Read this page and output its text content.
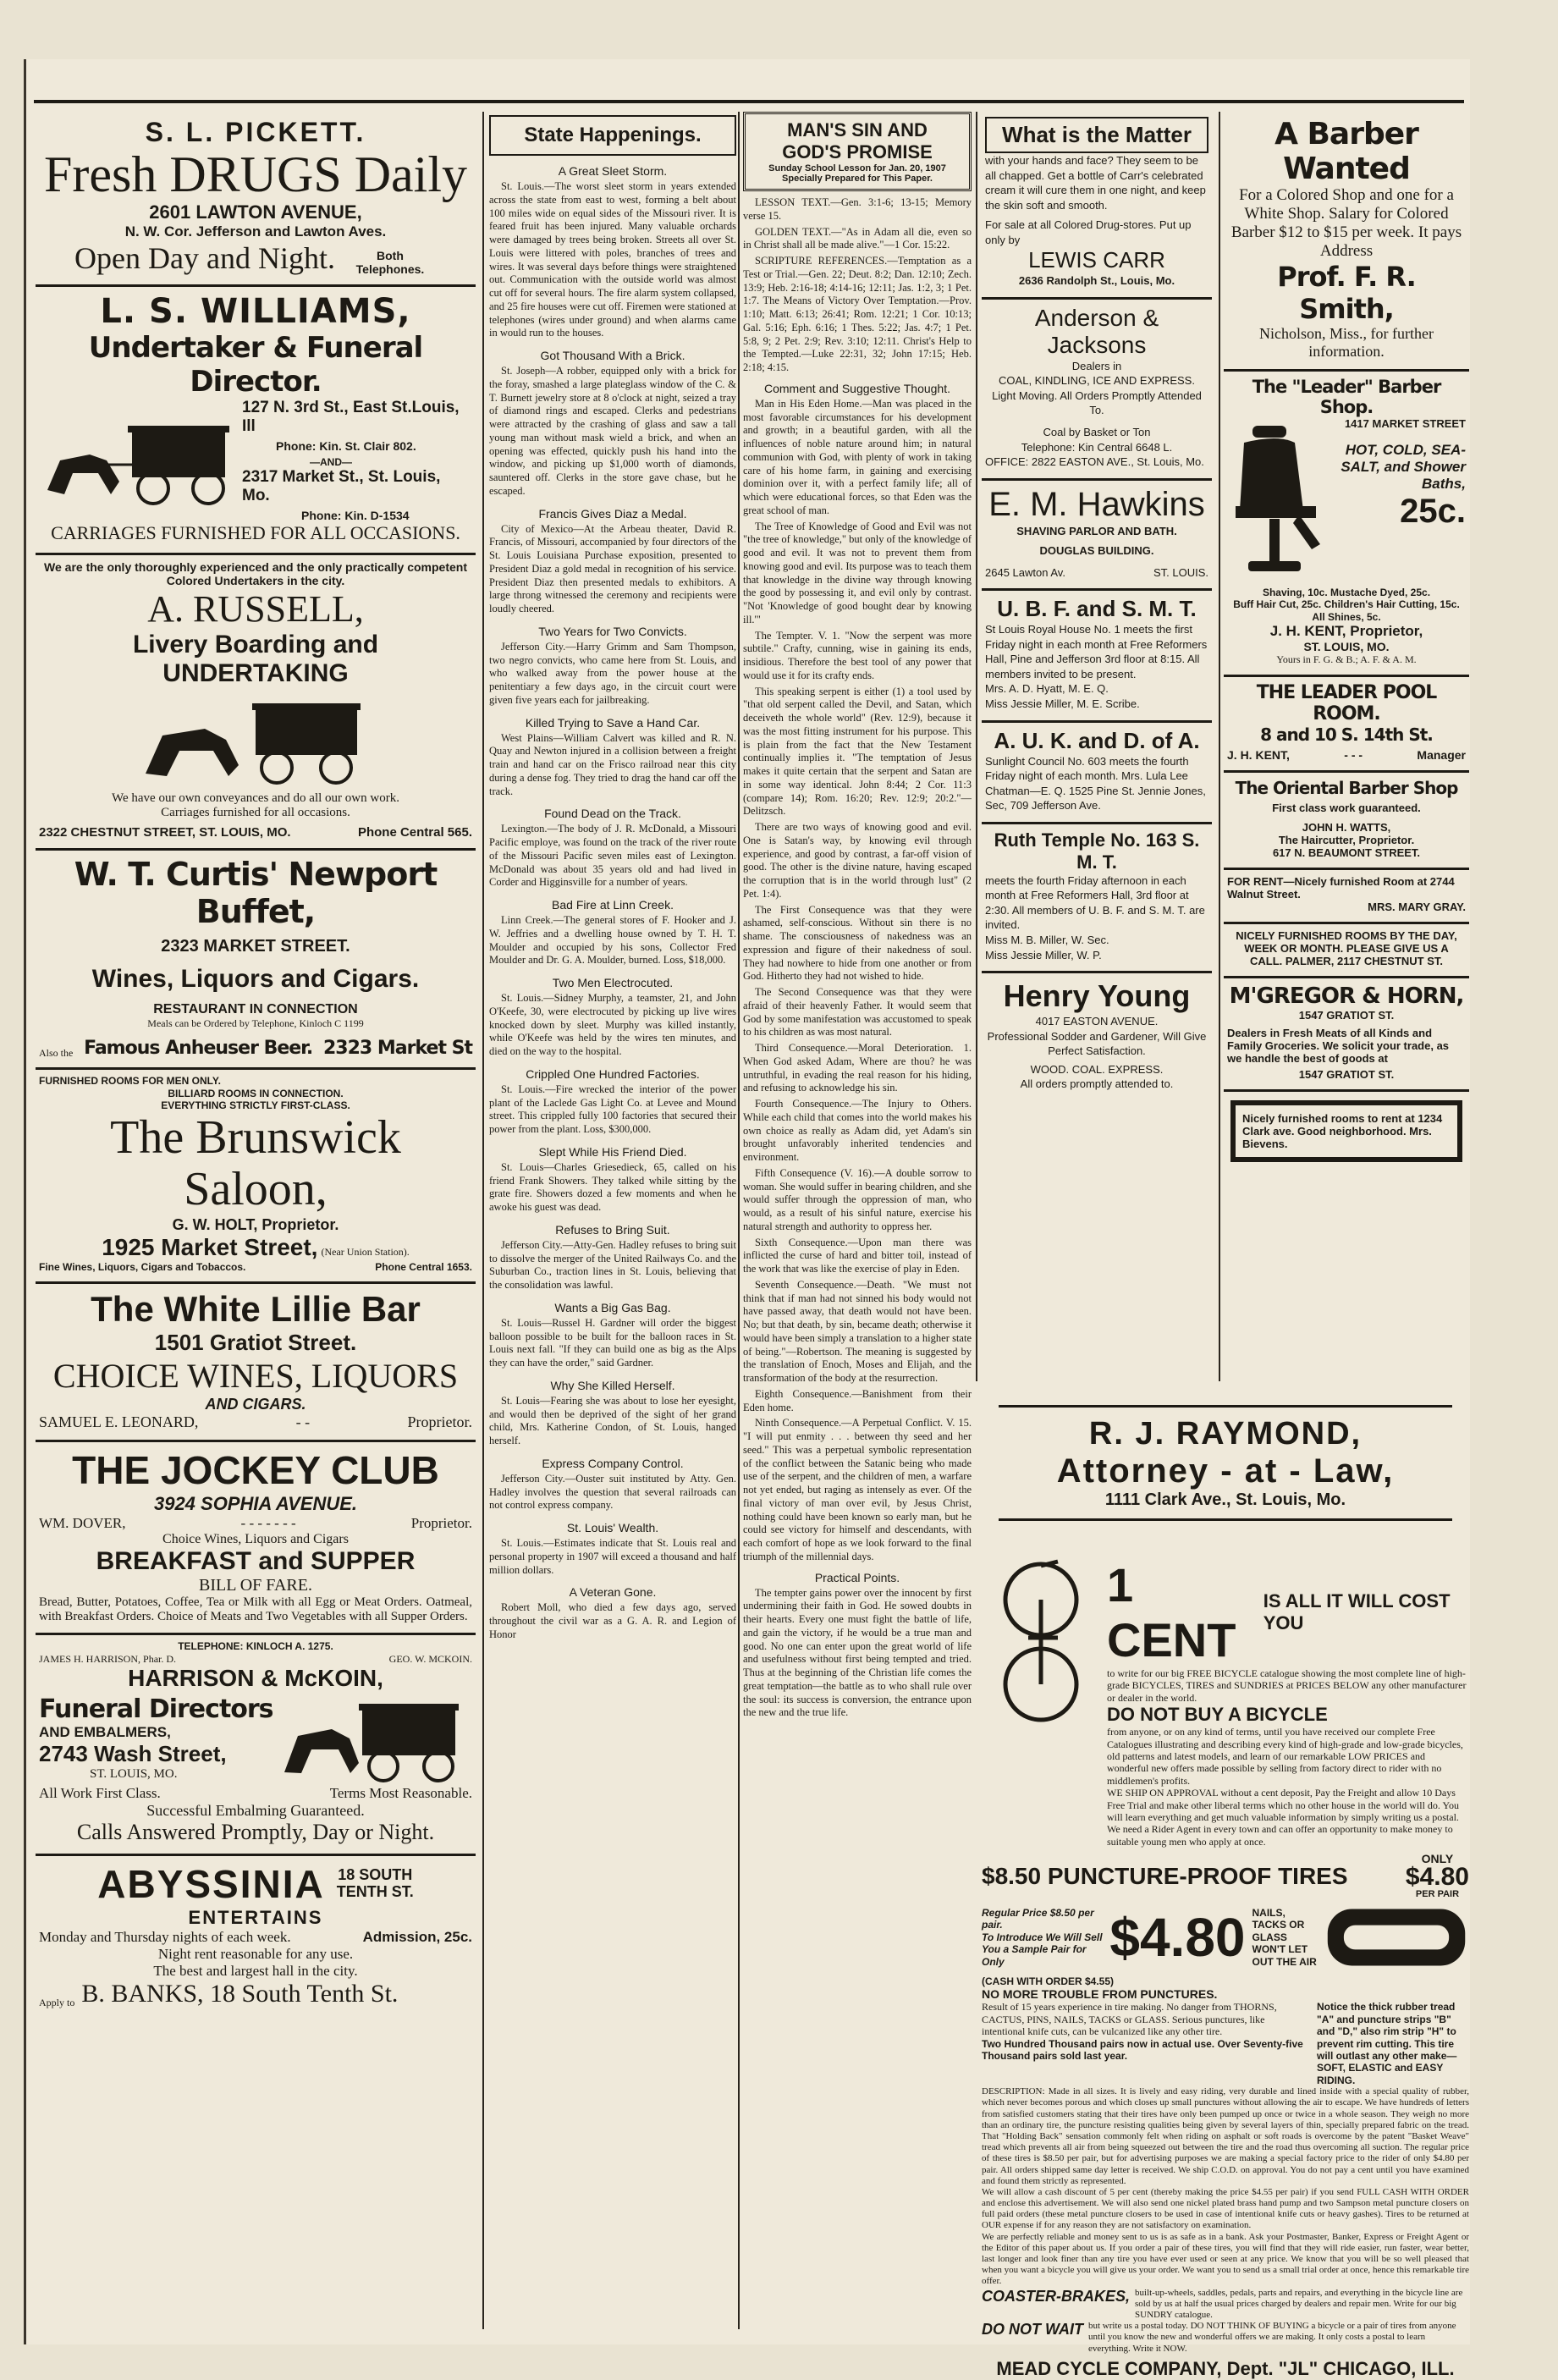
S. L. PICKETT.
Fresh DRUGS Daily
2601 LAWTON AVENUE,
N. W. Cor. Jefferson and Lawton Aves.
Open Day and Night.	Both Telephones.
L. S. WILLIAMS,
Undertaker & Funeral Director.
127 N. 3rd St., East St.Louis, Ill
Phone: Kin. St. Clair 802.
—AND—
2317 Market St., St. Louis, Mo.
Phone: Kin. D-1534
CARRIAGES FURNISHED FOR ALL OCCASIONS.
We are the only thoroughly experienced and the only practically competent Colored Undertakers in the city.
A. RUSSELL,
Livery Boarding and UNDERTAKING
We have our own conveyances and do all our own work.
Carriages furnished for all occasions.
2322 CHESTNUT STREET, ST. LOUIS, MO.	Phone Central 565.
W. T. Curtis' Newport Buffet,
2323 MARKET STREET.
Wines, Liquors and Cigars.
RESTAURANT IN CONNECTION
Meals can be Ordered by Telephone, Kinloch C 1199
Also the Famous Anheuser Beer. 2323 Market St
FURNISHED ROOMS FOR MEN ONLY.
BILLIARD ROOMS IN CONNECTION.
EVERYTHING STRICTLY FIRST-CLASS.
The Brunswick Saloon,
G. W. HOLT, Proprietor.
1925 Market Street, (Near Union Station).
Fine Wines, Liquors, Cigars and Tobaccos.	Phone Central 1653.
The White Lillie Bar
1501 Gratiot Street.
CHOICE WINES, LIQUORS
AND CIGARS.
SAMUEL E. LEONARD,	- -	Proprietor.
THE JOCKEY CLUB
3924 SOPHIA AVENUE.
WM. DOVER,	- - - - - - -	Proprietor.
Choice Wines, Liquors and Cigars
BREAKFAST and SUPPER
BILL OF FARE.
Bread, Butter, Potatoes, Coffee, Tea or Milk with all Egg or Meat Orders. Oatmeal, with Breakfast Orders. Choice of Meats and Two Vegetables with all Supper Orders.
TELEPHONE: KINLOCH A. 1275.
JAMES H. HARRISON, Phar. D.	GEO. W. MCKOIN.
HARRISON & McKOIN,
Funeral Directors
AND EMBALMERS,
2743 Wash Street,
ST. LOUIS, MO.
All Work First Class.	Terms Most Reasonable.
Successful Embalming Guaranteed.
Calls Answered Promptly, Day or Night.
ABYSSINIA 18 SOUTH
TENTH ST.
ENTERTAINS
Monday and Thursday nights of each week.	Admission, 25c.
Night rent reasonable for any use.
The best and largest hall in the city.
Apply to B. BANKS, 18 South Tenth St.
State Happenings.
A Great Sleet Storm.

St. Louis.—The worst sleet storm in years extended across the state from east to west, forming a belt about 100 miles wide on equal sides of the Missouri river. It is feared fruit has been injured. Many valuable orchards were damaged by trees being broken. Streets all over St. Louis were littered with poles, branches of trees and wires. It was several days before things were straightened out. Communication with the outside world was almost cut off for several hours. The fire alarm system collapsed, and 25 fire houses were cut off. Firemen were stationed at telephones (wires under ground) and when alarms came in would run to the houses.

Got Thousand With a Brick.

St. Joseph—A robber, equipped only with a brick for the foray, smashed a large plateglass window of the C. & T. Burnett jewelry store at 8 o'clock at night, seized a tray of diamond rings and escaped. Clerks and pedestrians were attracted by the crashing of glass and saw a tall young man without mask wield a brick, and when an opening was effected, quickly push his hand into the window, and picking up $1,000 worth of diamonds, sauntered off. Clerks in the store gave chase, but he escaped.

Francis Gives Diaz a Medal.

City of Mexico—At the Arbeau theater, David R. Francis, of Missouri, accompanied by four directors of the St. Louis Louisiana Purchase exposition, presented to President Diaz a gold medal in recognition of his service. President Diaz then presented medals to exhibitors. A large throng witnessed the ceremony and recipients were loudly cheered.

Two Years for Two Convicts.

Jefferson City.—Harry Grimm and Sam Thompson, two negro convicts, who came here from St. Louis, and who walked away from the power house at the penitentiary a few days ago, in the circuit court were given five years each for jailbreaking.

Killed Trying to Save a Hand Car.

West Plains—William Calvert was killed and R. N. Quay and Newton injured in a collision between a freight train and hand car on the Frisco railroad near this city during a dense fog. They tried to drag the hand car off the track.

Found Dead on the Track.

Lexington.—The body of J. R. McDonald, a Missouri Pacific employe, was found on the track of the river route of the Missouri Pacific seven miles east of Lexington. McDonald was about 35 years old and had lived in Corder and Higginsville for a number of years.

Bad Fire at Linn Creek.

Linn Creek.—The general stores of F. Hooker and J. W. Jeffries and a dwelling house owned by T. H. T. Moulder and occupied by his sons, Collector Fred Moulder and Dr. G. A. Moulder, burned. Loss, $18,000.

Two Men Electrocuted.

St. Louis.—Sidney Murphy, a teamster, 21, and John O'Keefe, 30, were electrocuted by picking up live wires knocked down by sleet. Murphy was killed instantly, while O'Keefe was held by the wires ten minutes, and died on the way to the hospital.

Crippled One Hundred Factories.

St. Louis.—Fire wrecked the interior of the power plant of the Laclede Gas Light Co. at Levee and Mound street. This crippled fully 100 factories that secured their power from the plant. Loss, $300,000.

Slept While His Friend Died.

St. Louis—Charles Griesedieck, 65, called on his friend Frank Showers. They talked while sitting by the grate fire. Showers dozed a few moments and when he awoke his guest was dead.

Refuses to Bring Suit.

Jefferson City.—Atty-Gen. Hadley refuses to bring suit to dissolve the merger of the United Railways Co. and the Suburban Co., traction lines in St. Louis, believing that the consolidation was lawful.

Wants a Big Gas Bag.

St. Louis—Russel H. Gardner will order the biggest balloon possible to be built for the balloon races in St. Louis next fall. "If they can build one as big as the Alps they can have the order," said Gardner.

Why She Killed Herself.

St. Louis—Fearing she was about to lose her eyesight, and would then be deprived of the sight of her grand child, Mrs. Katherine Condon, of St. Louis, hanged herself.

Express Company Control.

Jefferson City.—Ouster suit instituted by Atty. Gen. Hadley involves the question that several railroads can not control express company.

St. Louis' Wealth.

St. Louis.—Estimates indicate that St. Louis real and personal property in 1907 will exceed a thousand and half million dollars.

A Veteran Gone.

Robert Moll, who died a few days ago, served throughout the civil war as a G. A. R. and Legion of Honor

MAN'S SIN AND
GOD'S PROMISE
Sunday School Lesson for Jan. 20, 1907
Specially Prepared for This Paper.

LESSON TEXT.—Gen. 3:1-6; 13-15; Memory verse 15.

GOLDEN TEXT.—"As in Adam all die, even so in Christ shall all be made alive."—1 Cor. 15:22.

SCRIPTURE REFERENCES.—Temptation as a Test or Trial.—Gen. 22; Deut. 8:2; Dan. 12:10; Zech. 13:9; Heb. 2:16-18; 4:14-16; 12:11; Jas. 1:2, 3; 1 Pet. 1:7. The Means of Victory Over Temptation.—Prov. 1:10; Matt. 6:13; 26:41; Rom. 12:21; 1 Cor. 10:13; Gal. 5:16; Eph. 6:16; 1 Thes. 5:22; Jas. 4:7; 1 Pet. 5:8, 9; 2 Pet. 2:9; Rev. 3:10; 12:11. Christ's Help to the Tempted.—Luke 22:31, 32; John 17:15; Heb. 2:18; 4:15.

Comment and Suggestive Thought.

Man in His Eden Home.—Man was placed in the most favorable circumstances for his development and growth; in a beautiful garden, with all the influences of noble nature around him; in natural communion with God, with plenty of work in taking care of his home farm, in gaining and exercising dominion over it, with a perfect family life; all of which were educational forces, so that Eden was the great school of man.

The Tree of Knowledge of Good and Evil was not "the tree of knowledge," but only of the knowledge of good and evil. It was not to prevent them from knowing good and evil. Its purpose was to teach them that knowledge in the divine way through knowing the good by possessing it, and evil only by contrast. "Not 'Knowledge of good bought dear by knowing ill.'"

The Tempter. V. 1. "Now the serpent was more subtile." Crafty, cunning, wise in gaining its ends, insidious. Therefore the best tool of any power that would use it for its crafty ends.

This speaking serpent is either (1) a tool used by "that old serpent called the Devil, and Satan, which deceiveth the whole world" (Rev. 12:9), because it was the most fitting instrument for his purpose. This is plain from the fact that the New Testament continually implies it. "The temptation of Jesus makes it quite certain that the serpent and Satan are in some way identical. John 8:44; 2 Cor. 11:3 (compare 14); Rom. 16:20; Rev. 12:9; 20:2."—Delitzsch.

There are two ways of knowing good and evil. One is Satan's way, by knowing evil through experience, and good by contrast, a far-off vision of good. The other is the divine nature, having escaped the corruption that is in the world through lust" (2 Pet. 1:4).

The First Consequence was that they were ashamed, self-conscious. Without sin there is no shame. The consciousness of nakedness was an expression and figure of their nakedness of soul. They had nowhere to hide from one another or from God. Hitherto they had not wished to hide.

The Second Consequence was that they were afraid of their heavenly Father. It would seem that God by some manifestation was accustomed to speak to his children as was most natural.

Third Consequence.—Moral Deterioration. 1. When God asked Adam, Where are thou? he was untruthful, in evading the real reason for his hiding, and refusing to acknowledge his sin.

Fourth Consequence.—The Injury to Others. While each child that comes into the world makes his own choice as really as Adam did, yet Adam's sin brought unfavorably inherited tendencies and environment.

Fifth Consequence (V. 16).—A double sorrow to woman. She would suffer in bearing children, and she would suffer through the oppression of man, who would, as a result of his sinful nature, exercise his natural strength and authority to oppress her.

Sixth Consequence.—Upon man there was inflicted the curse of hard and bitter toil, instead of the work that was like the exercise of play in Eden.

Seventh Consequence.—Death. "We must not think that if man had not sinned his body would not have passed away, that death would not have been. No; but that death, by sin, became death; otherwise it would have been simply a translation to a higher state of being."—Robertson. The meaning is suggested by the translation of Enoch, Moses and Elijah, and the transformation of the body at the resurrection.

Eighth Consequence.—Banishment from their Eden home.

Ninth Consequence.—A Perpetual Conflict. V. 15. "I will put enmity . . . between thy seed and her seed." This was a perpetual symbolic representation of the conflict between the Satanic being who made use of the serpent, and the children of men, a warfare not yet ended, but raging as intensely as ever. Of the final victory of man over evil, by Jesus Christ, nothing could have been known so early man, but he could see victory for himself and descendants, with each comfort of hope as we look forward to the final triumph of the millennial days.

Practical Points.

The tempter gains power over the innocent by first undermining their faith in God. He sowed doubts in their hearts. Every one must fight the battle of life, and gain the victory, if he would be a true man and good. No one can enter upon the great world of life and usefulness without first being tempted and tried. Thus at the beginning of the Christian life comes the great temptation—the battle as to who shall rule over the soul: its success is conversion, the entrance upon the new and the true life.

What is the Matter
with your hands and face? They seem to be all chapped. Get a bottle of Carr's celebrated cream it will cure them in one night, and keep the skin soft and smooth.
For sale at all Colored Drug-stores. Put up only by
LEWIS CARR
2636 Randolph St., Louis, Mo.
Anderson & Jacksons
Dealers in
COAL, KINDLING, ICE AND EXPRESS.
Light Moving. All Orders Promptly Attended To.
Coal by Basket or Ton
Telephone: Kin Central 6648 L.
OFFICE: 2822 EASTON AVE., St. Louis, Mo.
E. M. Hawkins
SHAVING PARLOR AND BATH.
DOUGLAS BUILDING.
2645 Lawton Av.	ST. LOUIS.
U. B. F. and S. M. T.
St Louis Royal House No. 1 meets the first Friday night in each month at Free Reformers Hall, Pine and Jefferson 3rd floor at 8:15. All members invited to be present.
Mrs. A. D. Hyatt, M. E. Q.
Miss Jessie Miller, M. E. Scribe.
A. U. K. and D. of A.
Sunlight Council No. 603 meets the fourth Friday night of each month. Mrs. Lula Lee Chatman—E. Q. 1525 Pine St. Jennie Jones, Sec, 709 Jefferson Ave.
Ruth Temple No. 163 S. M. T.
meets the fourth Friday afternoon in each month at Free Reformers Hall, 3rd floor at 2:30. All members of U. B. F. and S. M. T. are invited.
Miss M. B. Miller, W. Sec.
Miss Jessie Miller, W. P.
Henry Young
4017 EASTON AVENUE.
Professional Sodder and Gardener, Will Give Perfect Satisfaction.
WOOD. COAL. EXPRESS.
All orders promptly attended to.
A Barber Wanted
For a Colored Shop and one for a White Shop. Salary for Colored Barber $12 to $15 per week. It pays Address
Prof. F. R. Smith,
Nicholson, Miss., for further information.
The "Leader" Barber Shop.
1417 MARKET STREET
HOT, COLD, SEA-SALT, and Shower Baths,
25c.
Shaving, 10c. Mustache Dyed, 25c.
Buff Hair Cut, 25c. Children's Hair Cutting, 15c.
All Shines, 5c.
J. H. KENT, Proprietor,
ST. LOUIS, MO.
Yours in F. G. & B.; A. F. & A. M.
THE LEADER POOL ROOM.
8 and 10 S. 14th St.
J. H. KENT,	- - -	Manager
The Oriental Barber Shop
First class work guaranteed.
JOHN H. WATTS,
The Haircutter, Proprietor.
617 N. BEAUMONT STREET.
FOR RENT—Nicely furnished Room at 2744 Walnut Street.
MRS. MARY GRAY.
NICELY FURNISHED ROOMS BY THE DAY, WEEK OR MONTH. PLEASE GIVE US A CALL. PALMER, 2117 CHESTNUT ST.
M'GREGOR & HORN,
1547 GRATIOT ST.
Dealers in Fresh Meats of all Kinds and Family Groceries. We solicit your trade, as we handle the best of goods at
1547 GRATIOT ST.
Nicely furnished rooms to rent at 1234 Clark ave. Good neighborhood. Mrs. Bievens.
R. J. RAYMOND,
Attorney - at - Law,
1111 Clark Ave., St. Louis, Mo.
1 CENT
IS ALL IT WILL COST YOU
to write for our big FREE BICYCLE catalogue showing the most complete line of high-grade BICYCLES, TIRES and SUNDRIES at PRICES BELOW any other manufacturer or dealer in the world.
DO NOT BUY A BICYCLE
from anyone, or on any kind of terms, until you have received our complete Free Catalogues illustrating and describing every kind of high-grade and low-grade bicycles, old patterns and latest models, and learn of our remarkable LOW PRICES and wonderful new offers made possible by selling from factory direct to rider with no middlemen's profits.
WE SHIP ON APPROVAL without a cent deposit, Pay the Freight and allow 10 Days Free Trial and make other liberal terms which no other house in the world will do. You will learn everything and get much valuable information by simply writing us a postal.
We need a Rider Agent in every town and can offer an opportunity to make money to suitable young men who apply at once.
$8.50 PUNCTURE-PROOF TIRES
ONLY
$4.80
PER PAIR
Regular Price $8.50 per pair.
To Introduce We Will Sell You a Sample Pair for Only	$4.80 NAILS, TACKS OR GLASS WON'T LET OUT THE AIR
(CASH WITH ORDER $4.55)
NO MORE TROUBLE FROM PUNCTURES.
Result of 15 years experience in tire making. No danger from THORNS, CACTUS, PINS, NAILS, TACKS or GLASS. Serious punctures, like intentional knife cuts, can be vulcanized like any other tire.
Two Hundred Thousand pairs now in actual use. Over Seventy-five Thousand pairs sold last year.
Notice the thick rubber tread "A" and puncture strips "B" and "D," also rim strip "H" to prevent rim cutting. This tire will outlast any other make—SOFT, ELASTIC and EASY RIDING.
DESCRIPTION: Made in all sizes. It is lively and easy riding, very durable and lined inside with a special quality of rubber, which never becomes porous and which closes up small punctures without allowing the air to escape. We have hundreds of letters from satisfied customers stating that their tires have only been pumped up once or twice in a whole season. They weigh no more than an ordinary tire, the puncture resisting qualities being given by several layers of thin, specially prepared fabric on the tread. That "Holding Back" sensation commonly felt when riding on asphalt or soft roads is overcome by the patent "Basket Weave" tread which prevents all air from being squeezed out between the tire and the road thus overcoming all suction. The regular price of these tires is $8.50 per pair, but for advertising purposes we are making a special factory price to the rider of only $4.80 per pair. All orders shipped same day letter is received. We ship C.O.D. on approval. You do not pay a cent until you have examined and found them strictly as represented.
We will allow a cash discount of 5 per cent (thereby making the price $4.55 per pair) if you send FULL CASH WITH ORDER and enclose this advertisement. We will also send one nickel plated brass hand pump and two Sampson metal puncture closers on full paid orders (these metal puncture closers to be used in case of intentional knife cuts or heavy gashes). Tires to be returned at OUR expense if for any reason they are not satisfactory on examination.
We are perfectly reliable and money sent to us is as safe as in a bank. Ask your Postmaster, Banker, Express or Freight Agent or the Editor of this paper about us. If you order a pair of these tires, you will find that they will ride easier, run faster, wear better, last longer and look finer than any tire you have ever used or seen at any price. We know that you will be so well pleased that when you want a bicycle you will give us your order. We want you to send us a small trial order at once, hence this remarkable tire offer.
COASTER-BRAKES, built-up-wheels, saddles, pedals, parts and repairs, and everything in the bicycle line are sold by us at half the usual prices charged by dealers and repair men. Write for our big SUNDRY catalogue.
DO NOT WAIT but write us a postal today. DO NOT THINK OF BUYING a bicycle or a pair of tires from anyone until you know the new and wonderful offers we are making. It only costs a postal to learn everything. Write it NOW.
MEAD CYCLE COMPANY, Dept. "JL" CHICAGO, ILL.
